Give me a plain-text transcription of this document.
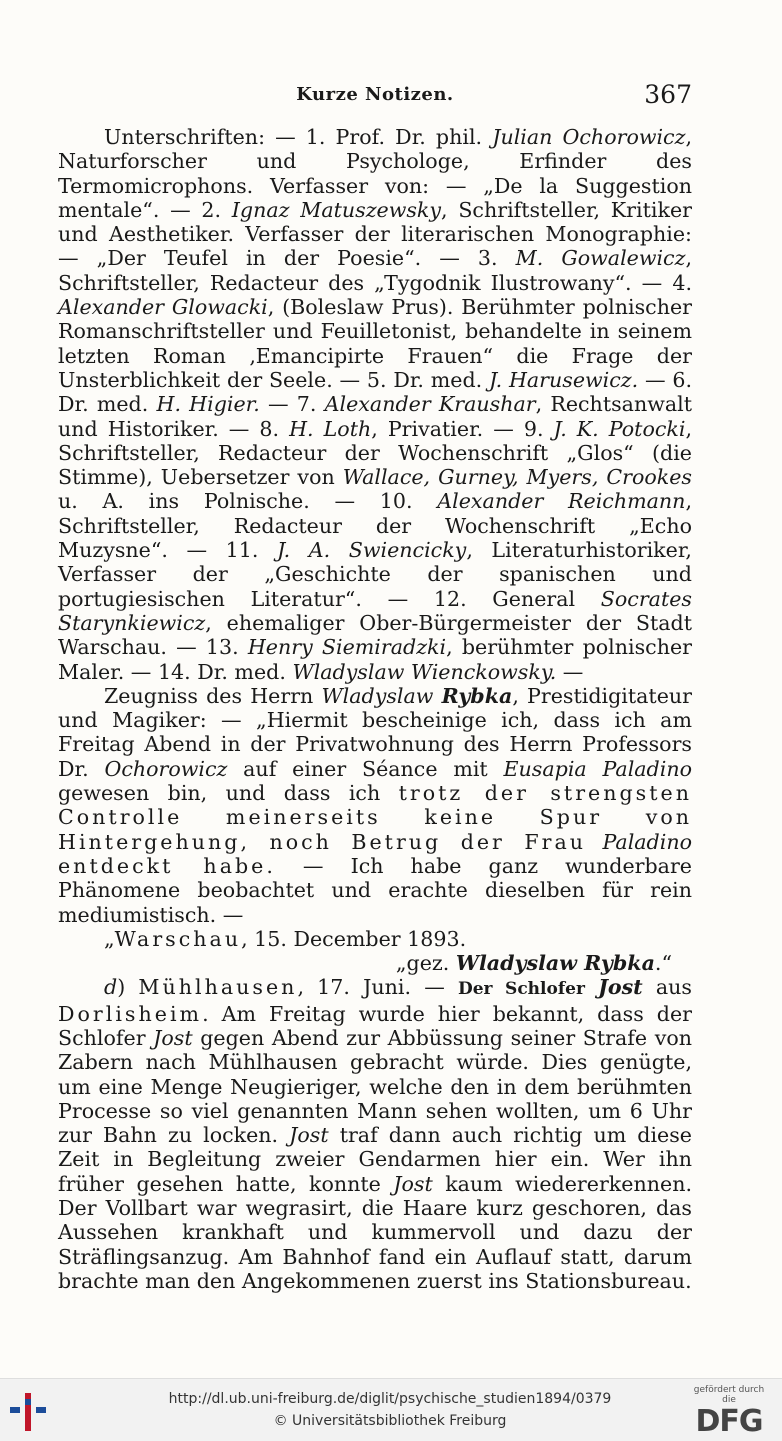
Kurze Notizen.	367

Unterschriften: — 1. Prof. Dr. phil. Julian Ochorowicz, Naturforscher und Psychologe, Erfinder des Termomicrophons. Verfasser von: — „De la Suggestion mentale“. — 2. Ignaz Matuszewsky, Schriftsteller, Kritiker und Aesthetiker. Verfasser der literarischen Monographie: — „Der Teufel in der Poesie“. — 3. M. Gowalewicz, Schriftsteller, Redacteur des „Tygodnik Ilustrowany“. — 4. Alexander Glowacki, (Boleslaw Prus). Berühmter polnischer Romanschriftsteller und Feuilletonist, behandelte in seinem letzten Roman ‚Emancipirte Frauen“ die Frage der Unsterblichkeit der Seele. — 5. Dr. med. J. Harusewicz. — 6. Dr. med. H. Higier. — 7. Alexander Kraushar, Rechtsanwalt und Historiker. — 8. H. Loth, Privatier. — 9. J. K. Potocki, Schriftsteller, Redacteur der Wochenschrift „Glos“ (die Stimme), Uebersetzer von Wallace, Gurney, Myers, Crookes u. A. ins Polnische. — 10. Alexander Reichmann, Schriftsteller, Redacteur der Wochenschrift „Echo Muzysne“. — 11. J. A. Swiencicky, Literaturhistoriker, Verfasser der „Geschichte der spanischen und portugiesischen Literatur“. — 12. General Socrates Starynkiewicz, ehemaliger Ober-Bürgermeister der Stadt Warschau. — 13. Henry Siemiradzki, berühmter polnischer Maler. — 14. Dr. med. Wladyslaw Wienckowsky. —

Zeugniss des Herrn Wladyslaw Rybka, Prestidigitateur und Magiker: — „Hiermit bescheinige ich, dass ich am Freitag Abend in der Privatwohnung des Herrn Professors Dr. Ochorowicz auf einer Séance mit Eusapia Paladino gewesen bin, und dass ich trotz der strengsten Controlle meinerseits keine Spur von Hintergehung, noch Betrug der Frau Paladino entdeckt habe. — Ich habe ganz wunderbare Phänomene beobachtet und erachte dieselben für rein mediumistisch. —

„Warschau, 15. December 1893.

„gez. Wladyslaw Rybka.“

d) Mühlhausen, 17. Juni. — Der Schlofer Jost aus Dorlisheim. Am Freitag wurde hier bekannt, dass der Schlofer Jost gegen Abend zur Abbüssung seiner Strafe von Zabern nach Mühlhausen gebracht würde. Dies genügte, um eine Menge Neugieriger, welche den in dem berühmten Processe so viel genannten Mann sehen wollten, um 6 Uhr zur Bahn zu locken. Jost traf dann auch richtig um diese Zeit in Begleitung zweier Gendarmen hier ein. Wer ihn früher gesehen hatte, konnte Jost kaum wiedererkennen. Der Vollbart war wegrasirt, die Haare kurz geschoren, das Aussehen krankhaft und kummervoll und dazu der Sträflingsanzug. Am Bahnhof fand ein Auflauf statt, darum brachte man den Angekommenen zuerst ins Stationsbureau.

http://dl.ub.uni-freiburg.de/diglit/psychische_studien1894/0379
© Universitätsbibliothek Freiburg
gefördert durch die
DFG
